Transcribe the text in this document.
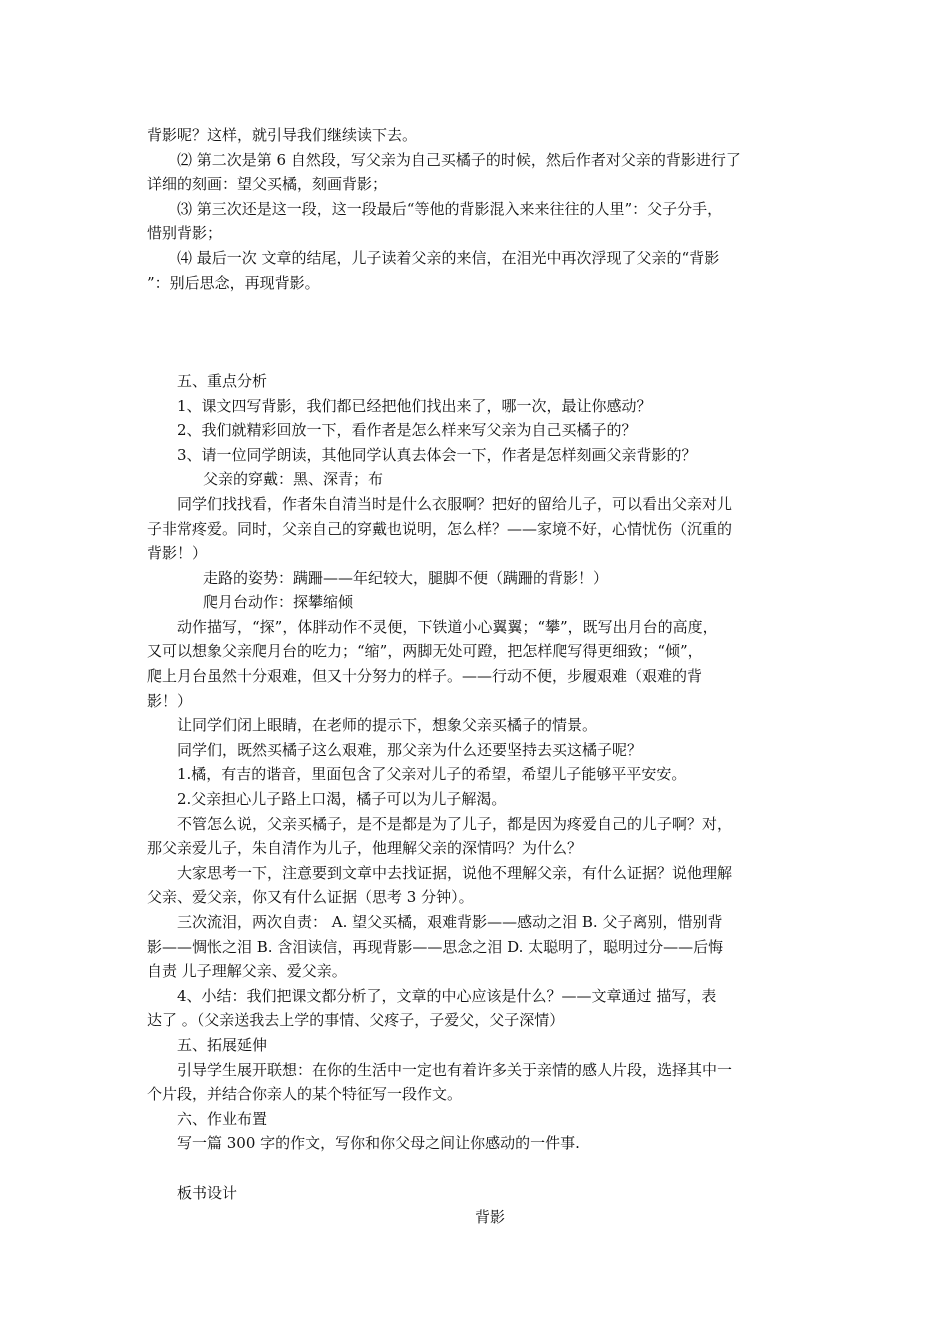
背影呢？这样，就引导我们继续读下去。
⑵ 第二次是第 6 自然段，写父亲为自己买橘子的时候，然后作者对父亲的背影进行了
详细的刻画：望父买橘，刻画背影；
⑶ 第三次还是这一段，这一段最后“等他的背影混入来来往往的人里”：父子分手，
惜别背影；
⑷ 最后一次 文章的结尾，儿子读着父亲的来信，在泪光中再次浮现了父亲的“背影
”：别后思念，再现背影。
五、重点分析
1、课文四写背影，我们都已经把他们找出来了，哪一次，最让你感动？
2、我们就精彩回放一下，看作者是怎么样来写父亲为自己买橘子的？
3、请一位同学朗读，其他同学认真去体会一下，作者是怎样刻画父亲背影的？
父亲的穿戴：黑、深青；布
同学们找找看，作者朱自清当时是什么衣服啊？把好的留给儿子，可以看出父亲对儿
子非常疼爱。同时，父亲自己的穿戴也说明，怎么样？——家境不好，心情忧伤（沉重的
背影！）
走路的姿势：蹒跚——年纪较大，腿脚不便（蹒跚的背影！）
爬月台动作：探攀缩倾
动作描写，“探”，体胖动作不灵便，下铁道小心翼翼；“攀”，既写出月台的高度，
又可以想象父亲爬月台的吃力；“缩”，两脚无处可蹬，把怎样爬写得更细致；“倾”，
爬上月台虽然十分艰难，但又十分努力的样子。——行动不便，步履艰难（艰难的背
影！）
让同学们闭上眼睛，在老师的提示下，想象父亲买橘子的情景。
同学们，既然买橘子这么艰难，那父亲为什么还要坚持去买这橘子呢？
1.橘，有吉的谐音，里面包含了父亲对儿子的希望，希望儿子能够平平安安。
2.父亲担心儿子路上口渴，橘子可以为儿子解渴。
不管怎么说，父亲买橘子，是不是都是为了儿子，都是因为疼爱自己的儿子啊？对，
那父亲爱儿子，朱自清作为儿子，他理解父亲的深情吗？为什么？
大家思考一下，注意要到文章中去找证据，说他不理解父亲，有什么证据？说他理解
父亲、爱父亲，你又有什么证据（思考 3 分钟）。
三次流泪，两次自责： A. 望父买橘，艰难背影——感动之泪 B. 父子离别，惜别背
影——惆怅之泪 B. 含泪读信，再现背影——思念之泪 D. 太聪明了，聪明过分——后悔
自责 儿子理解父亲、爱父亲。
4、小结：我们把课文都分析了，文章的中心应该是什么？——文章通过 描写，表
达了 。（父亲送我去上学的事情、父疼子，子爱父，父子深情）
五、拓展延伸
引导学生展开联想：在你的生活中一定也有着许多关于亲情的感人片段，选择其中一
个片段，并结合你亲人的某个特征写一段作文。
六、作业布置
写一篇 300 字的作文，写你和你父母之间让你感动的一件事.
板书设计
背影
